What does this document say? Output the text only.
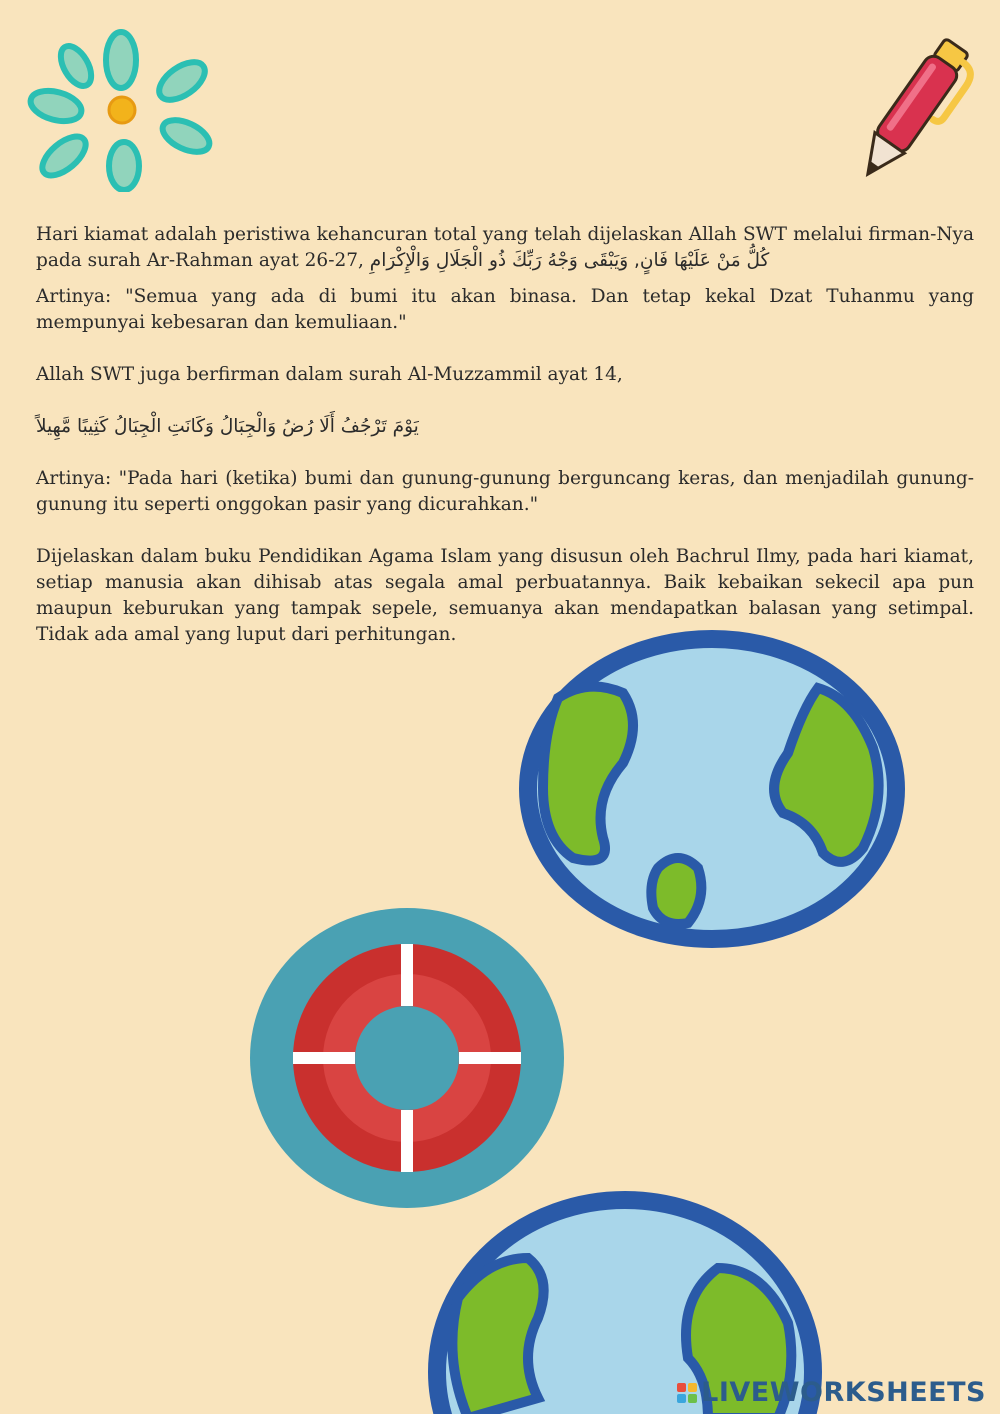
Hari kiamat adalah peristiwa kehancuran total yang telah dijelaskan Allah SWT melalui firman-Nya pada surah Ar-Rahman ayat 26-27, كُلُّ مَنْ عَلَيْهَا فَانٍ, وَيَبْقَى وَجْهُ رَبِّكَ ذُو الْجَلَالِ وَالْإِكْرَامِ

Artinya: "Semua yang ada di bumi itu akan binasa. Dan tetap kekal Dzat Tuhanmu yang mempunyai kebesaran dan kemuliaan."

Allah SWT juga berfirman dalam surah Al-Muzzammil ayat 14,

يَوْمَ تَرْجُفُ أَلَا رُضُ وَالْجِبَالُ وَكَانَتِ الْجِبَالُ كَثِيبًا مَّهِيلاً

Artinya: "Pada hari (ketika) bumi dan gunung-gunung berguncang keras, dan menjadilah gunung-gunung itu seperti onggokan pasir yang dicurahkan."

Dijelaskan dalam buku Pendidikan Agama Islam yang disusun oleh Bachrul Ilmy, pada hari kiamat, setiap manusia akan dihisab atas segala amal perbuatannya. Baik kebaikan sekecil apa pun maupun keburukan yang tampak sepele, semuanya akan mendapatkan balasan yang setimpal. Tidak ada amal yang luput dari perhitungan.

LIVEWORKSHEETS
